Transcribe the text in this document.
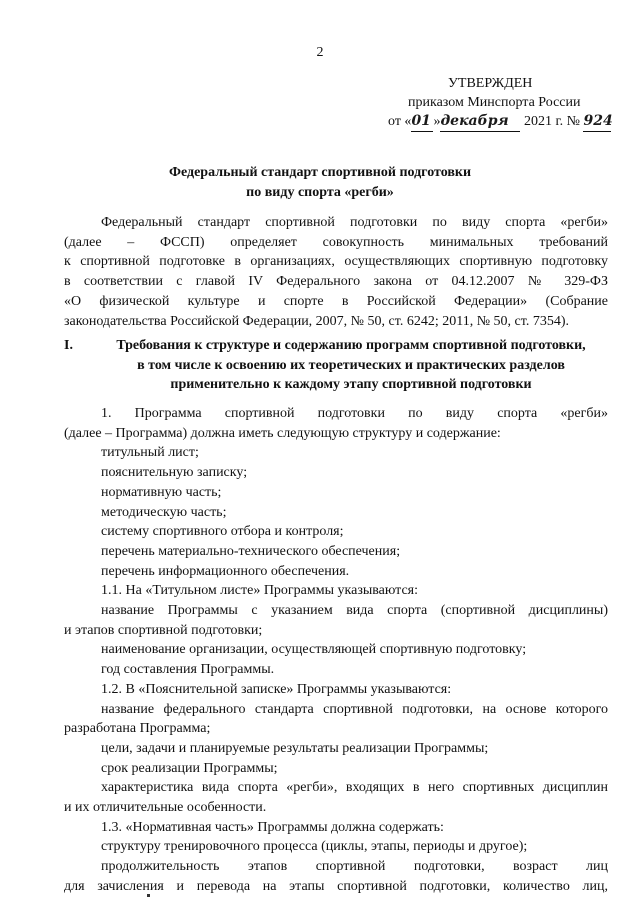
2
УТВЕРЖДЕН
приказом Минспорта России
от «01 »декабря 2021 г. № 924
Федеральный стандарт спортивной подготовки
по виду спорта «регби»
Федеральный стандарт спортивной подготовки по виду спорта «регби»
(далее – ФССП) определяет совокупность минимальных требований
к спортивной подготовке в организациях, осуществляющих спортивную подготовку
в соответствии с главой IV Федерального закона от 04.12.2007 № 329-ФЗ
«О физической культуре и спорте в Российской Федерации» (Собрание
законодательства Российской Федерации, 2007, № 50, ст. 6242; 2011, № 50, ст. 7354).
I.	Требования к структуре и содержанию программ спортивной подготовки,
в том числе к освоению их теоретических и практических разделов
применительно к каждому этапу спортивной подготовки
1. Программа спортивной подготовки по виду спорта «регби»
(далее – Программа) должна иметь следующую структуру и содержание:
титульный лист;
пояснительную записку;
нормативную часть;
методическую часть;
систему спортивного отбора и контроля;
перечень материально-технического обеспечения;
перечень информационного обеспечения.
1.1. На «Титульном листе» Программы указываются:
название Программы с указанием вида спорта (спортивной дисциплины)
и этапов спортивной подготовки;
наименование организации, осуществляющей спортивную подготовку;
год составления Программы.
1.2. В «Пояснительной записке» Программы указываются:
название федерального стандарта спортивной подготовки, на основе которого
разработана Программа;
цели, задачи и планируемые результаты реализации Программы;
срок реализации Программы;
характеристика вида спорта «регби», входящих в него спортивных дисциплин
и их отличительные особенности.
1.3. «Нормативная часть» Программы должна содержать:
структуру тренировочного процесса (циклы, этапы, периоды и другое);
продолжительность этапов спортивной подготовки, возраст лиц
для зачисления и перевода на этапы спортивной подготовки, количество лиц,
